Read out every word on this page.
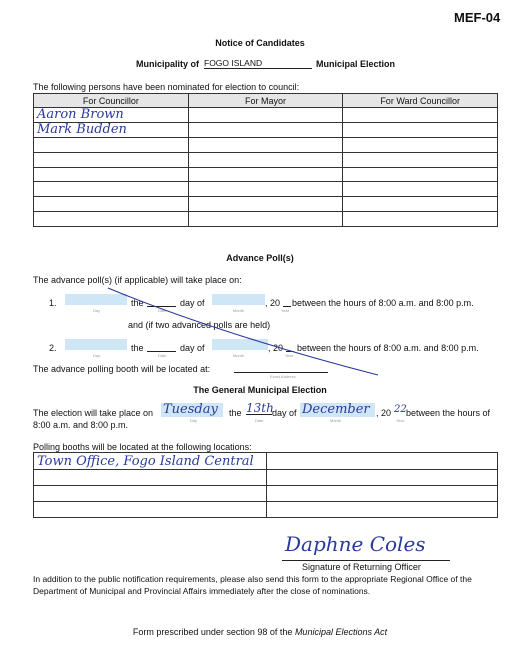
MEF-04
Notice of Candidates
Municipality of FOGO ISLAND	Municipal Election
The following persons have been nominated for election to council:
For Councillor	For Mayor	For Ward Councillor
Aaron Brown		
Mark Budden		

Advance Poll(s)
The advance poll(s) (if applicable) will take place on:
1.
Day
the
Date
day of
Month
, 20
Year
between the hours of 8:00 a.m. and 8:00 p.m.
and (if two advanced polls are held)
2.
Day
the
Date
day of
Month
, 20
Year
between the hours of 8:00 a.m. and 8:00 p.m.
The advance polling booth will be located at:
Exact Address
The General Municipal Election
The election will take place on Tuesday
Day
the 13th
Date
day of December
Month
, 20 22
Year
between the hours of
8:00 a.m. and 8:00 p.m.
Polling booths will be located at the following locations:
Town Office, Fogo Island Central	

Daphne Coles
Signature of Returning Officer
In addition to the public notification requirements, please also send this form to the appropriate Regional Office of the Department of Municipal and Provincial Affairs immediately after the close of nominations.
Form prescribed under section 98 of the Municipal Elections Act
